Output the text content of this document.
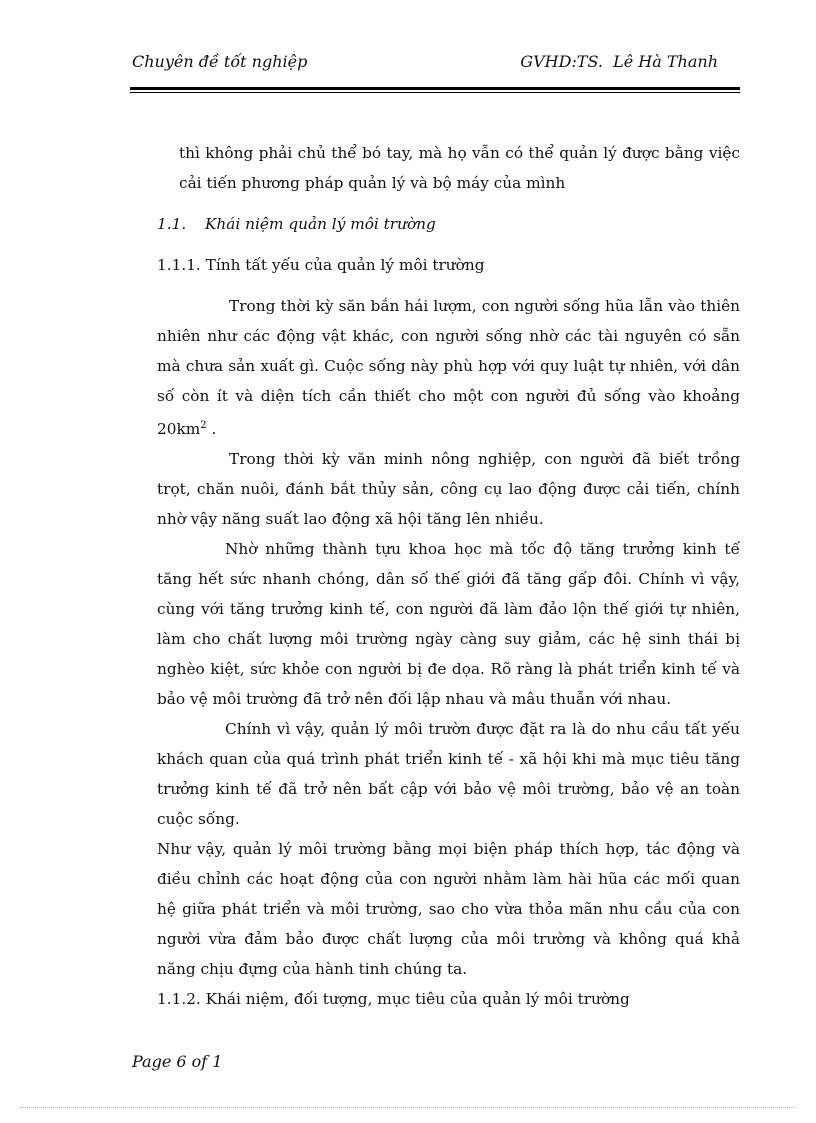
Chuyên đề tốt nghiệp	GVHD:TS.  Lê Hà Thanh

thì không phải chủ thể bó tay, mà họ vẫn có thể quản lý được bằng việc cải tiến phương pháp quản lý và bộ máy của mình

1.1. Khái niệm quản lý môi trường

1.1.1. Tính tất yếu của quản lý môi trường

Trong thời kỳ săn bắn hái lượm, con người sống hũa lẫn vào thiên nhiên như các động vật khác, con người sống nhờ các tài nguyên có sẵn mà chưa sản xuất gì. Cuộc sống này phù hợp với quy luật tự nhiên, với dân số còn ít và diện tích cần thiết cho một con người đủ sống vào khoảng $20km^2$ .

Trong thời kỳ văn minh nông nghiệp, con người đã biết trồng trọt, chăn nuôi, đánh bắt thủy sản, công cụ lao động được cải tiến, chính nhờ vậy năng suất lao động xã hội tăng lên nhiều.

Nhờ những thành tựu khoa học mà tốc độ tăng trưởng kinh tế tăng hết sức nhanh chóng, dân số thế giới đã tăng gấp đôi. Chính vì vậy, cùng với tăng trưởng kinh tế, con người đã làm đảo lộn thế giới tự nhiên, làm cho chất lượng môi trường ngày càng suy giảm, các hệ sinh thái bị nghèo kiệt, sức khỏe con người bị đe dọa. Rõ ràng là phát triển kinh tế và bảo vệ môi trường đã trở nên đối lập nhau và mâu thuẫn với nhau.

Chính vì vậy, quản lý môi trườn được đặt ra là do nhu cầu tất yếu khách quan của quá trình phát triển kinh tế - xã hội khi mà mục tiêu tăng trưởng kinh tế đã trở nên bất cập với bảo vệ môi trường, bảo vệ an toàn cuộc sống.

Như vậy, quản lý môi trường bằng mọi biện pháp thích hợp, tác động và điều chỉnh các hoạt động của con người nhằm làm hài hũa các mối quan hệ giữa phát triển và môi trường, sao cho vừa thỏa mãn nhu cầu của con người vừa đảm bảo được chất lượng của môi trường và không quá khả năng chịu đựng của hành tinh chúng ta.

1.1.2. Khái niệm, đối tượng, mục tiêu của quản lý môi trường

Page 6 of 1
